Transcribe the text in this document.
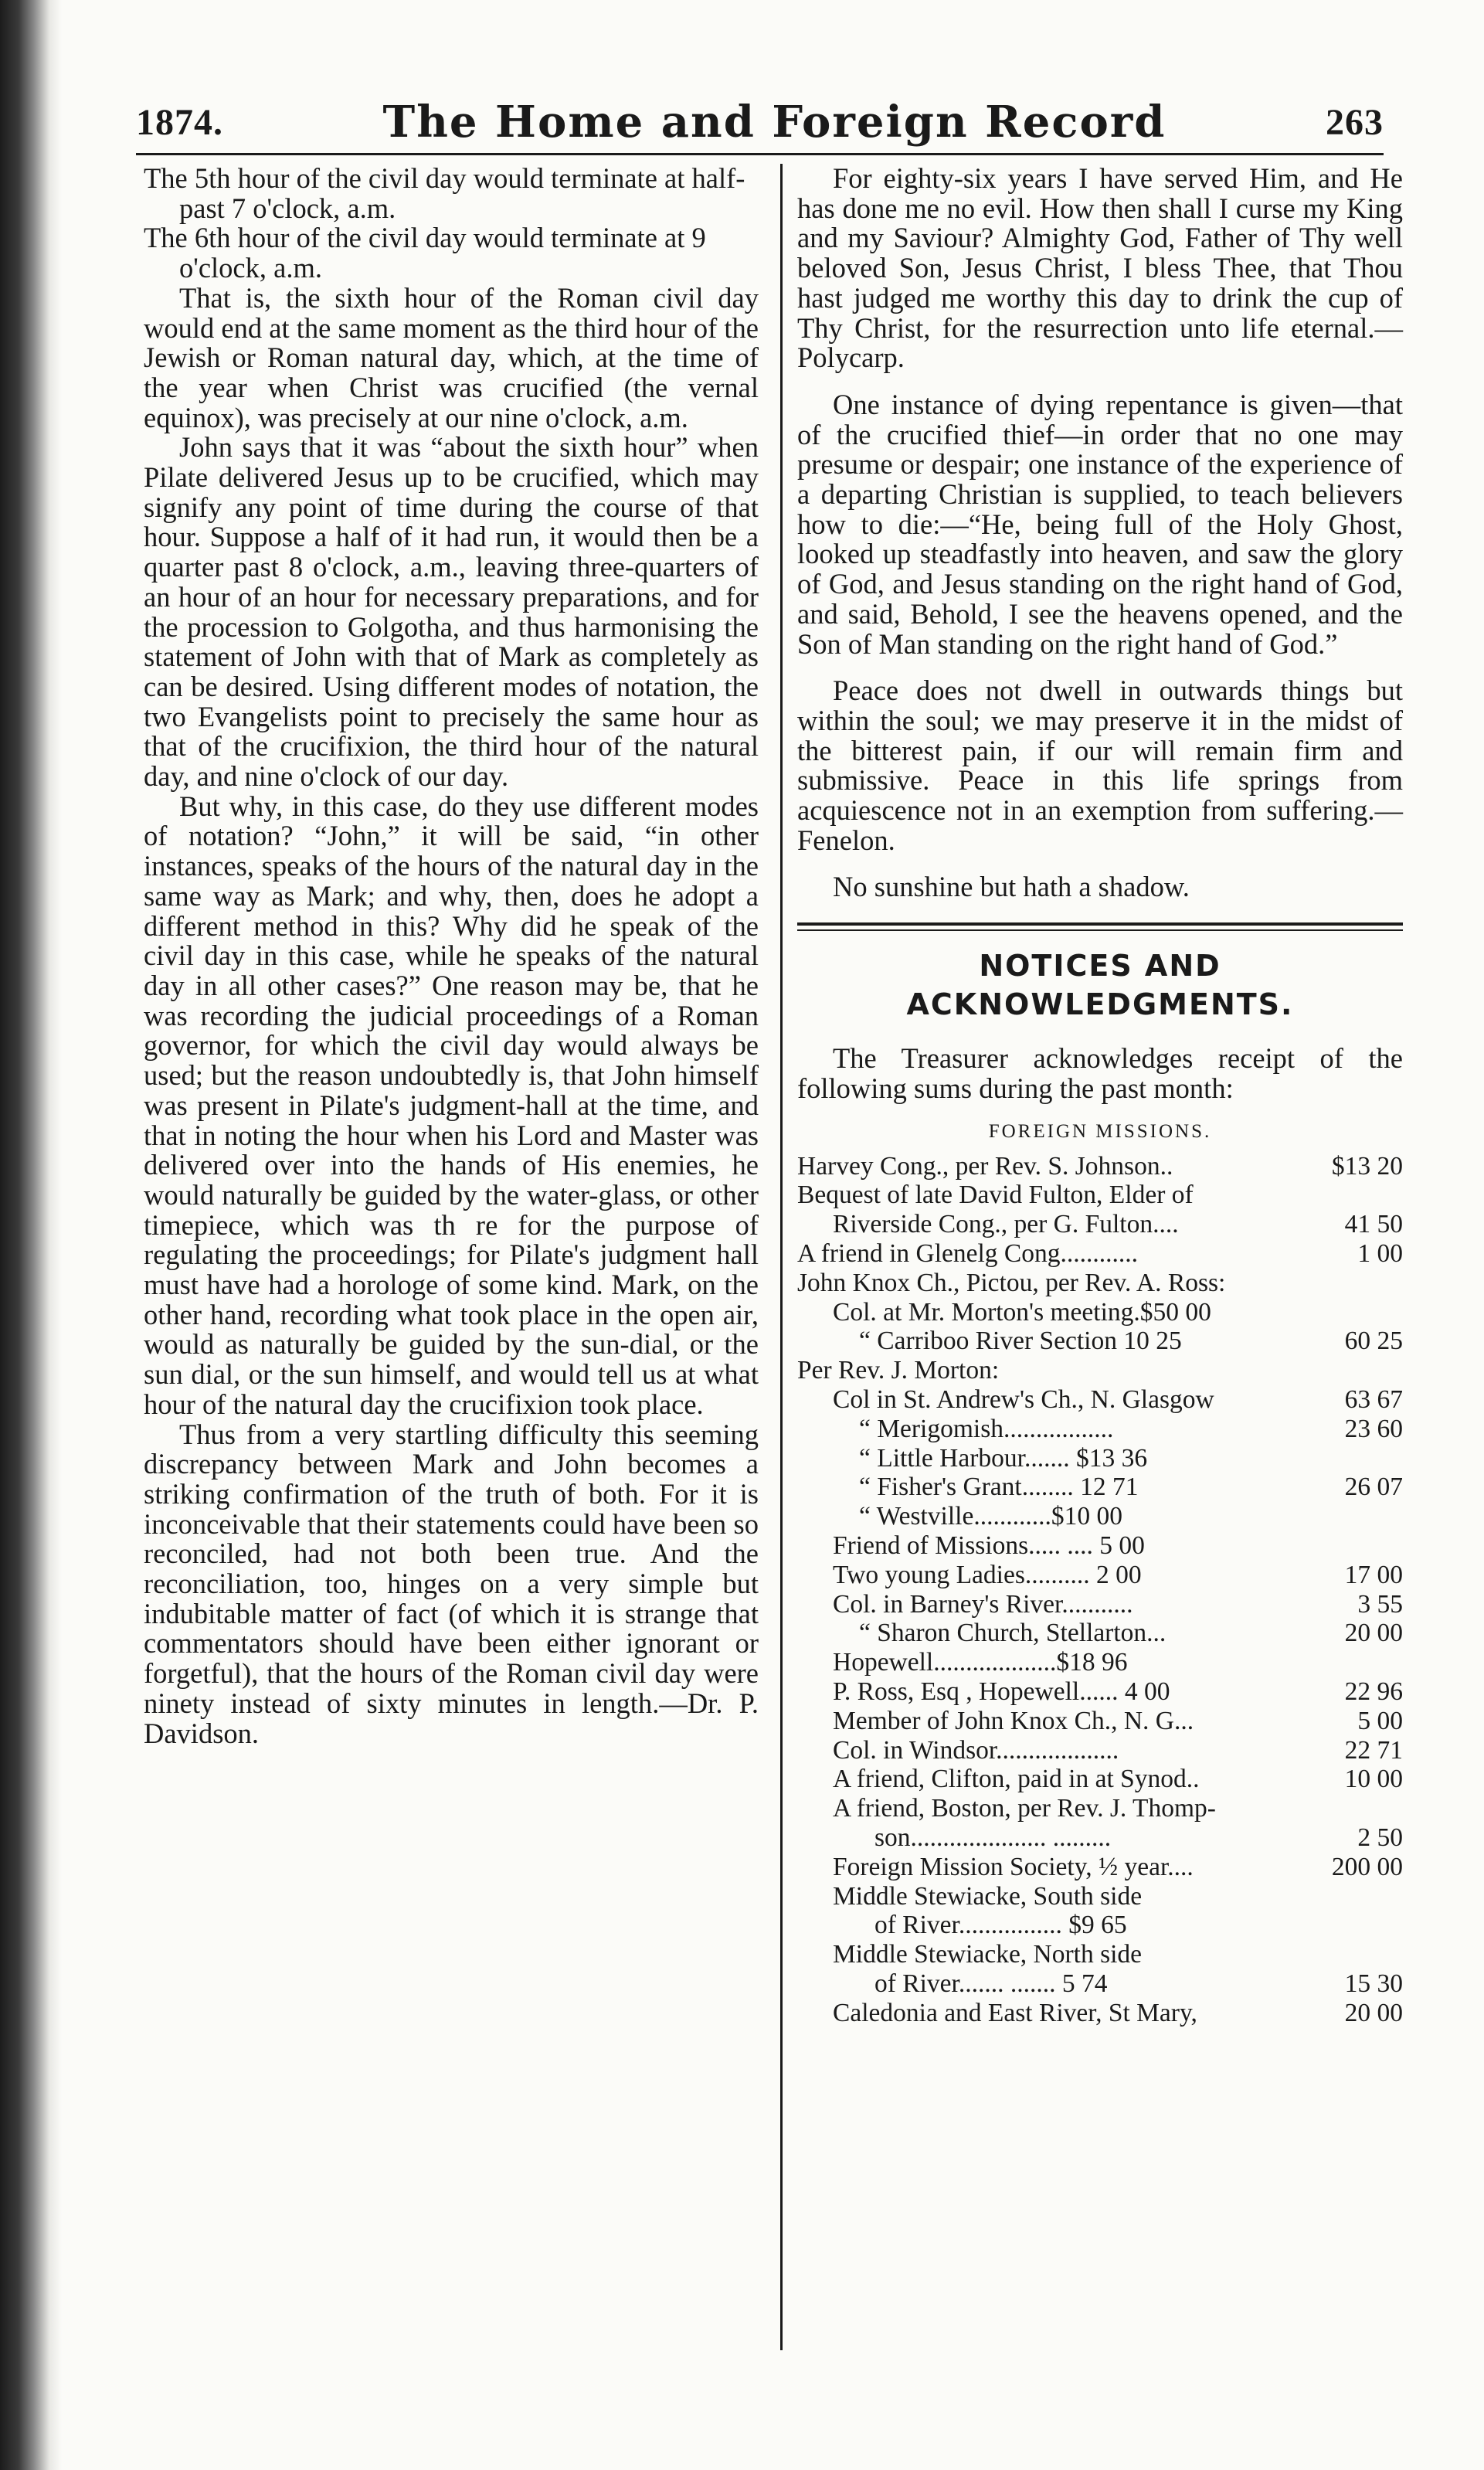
1874.	The Home and Foreign Record	263

The 5th hour of the civil day would terminate at half-past 7 o'clock, a.m.

The 6th hour of the civil day would terminate at 9 o'clock, a.m.

That is, the sixth hour of the Roman civil day would end at the same moment as the third hour of the Jewish or Roman natural day, which, at the time of the year when Christ was crucified (the vernal equinox), was precisely at our nine o'clock, a.m.

John says that it was “about the sixth hour” when Pilate delivered Jesus up to be crucified, which may signify any point of time during the course of that hour. Suppose a half of it had run, it would then be a quarter past 8 o'clock, a.m., leaving three-quarters of an hour of an hour for necessary preparations, and for the procession to Golgotha, and thus harmonising the statement of John with that of Mark as completely as can be desired. Using different modes of notation, the two Evangelists point to precisely the same hour as that of the crucifixion, the third hour of the natural day, and nine o'clock of our day.

But why, in this case, do they use different modes of notation? “John,” it will be said, “in other instances, speaks of the hours of the natural day in the same way as Mark; and why, then, does he adopt a different method in this? Why did he speak of the civil day in this case, while he speaks of the natural day in all other cases?” One reason may be, that he was recording the judicial proceedings of a Roman governor, for which the civil day would always be used; but the reason undoubtedly is, that John himself was present in Pilate's judgment-hall at the time, and that in noting the hour when his Lord and Master was delivered over into the hands of His enemies, he would naturally be guided by the water-glass, or other timepiece, which was th re for the purpose of regulating the proceedings; for Pilate's judgment hall must have had a horologe of some kind. Mark, on the other hand, recording what took place in the open air, would as naturally be guided by the sun-dial, or the sun dial, or the sun himself, and would tell us at what hour of the natural day the crucifixion took place.

Thus from a very startling difficulty this seeming discrepancy between Mark and John becomes a striking confirmation of the truth of both. For it is inconceivable that their statements could have been so reconciled, had not both been true. And the reconciliation, too, hinges on a very simple but indubitable matter of fact (of which it is strange that commentators should have been either ignorant or forgetful), that the hours of the Roman civil day were ninety instead of sixty minutes in length.—Dr. P. Davidson.

For eighty-six years I have served Him, and He has done me no evil. How then shall I curse my King and my Saviour? Almighty God, Father of Thy well beloved Son, Jesus Christ, I bless Thee, that Thou hast judged me worthy this day to drink the cup of Thy Christ, for the resurrection unto life eternal.—Polycarp.

One instance of dying repentance is given—that of the crucified thief—in order that no one may presume or despair; one instance of the experience of a departing Christian is supplied, to teach believers how to die:—“He, being full of the Holy Ghost, looked up steadfastly into heaven, and saw the glory of God, and Jesus standing on the right hand of God, and said, Behold, I see the heavens opened, and the Son of Man standing on the right hand of God.”

Peace does not dwell in outwards things but within the soul; we may preserve it in the midst of the bitterest pain, if our will remain firm and submissive. Peace in this life springs from acquiescence not in an exemption from suffering.—Fenelon.

No sunshine but hath a shadow.

NOTICES AND ACKNOWLEDGMENTS.

The Treasurer acknowledges receipt of the following sums during the past month:

FOREIGN MISSIONS.
Harvey Cong., per Rev. S. Johnson..	$13 20
Bequest of late David Fulton, Elder of
Riverside Cong., per G. Fulton....	41 50
A friend in Glenelg Cong............	1 00
John Knox Ch., Pictou, per Rev. A. Ross:
Col. at Mr. Morton's meeting.$50 00
“ Carriboo River Section 10 25	60 25
Per Rev. J. Morton:
Col in St. Andrew's Ch., N. Glasgow	63 67
“ Merigomish.................	23 60
“ Little Harbour....... $13 36
“ Fisher's Grant........ 12 71	26 07
“ Westville............$10 00
Friend of Missions..... .... 5 00
Two young Ladies.......... 2 00	17 00
Col. in Barney's River...........	3 55
“ Sharon Church, Stellarton...	20 00
Hopewell...................$18 96
P. Ross, Esq , Hopewell...... 4 00	22 96
Member of John Knox Ch., N. G...	5 00
Col. in Windsor...................	22 71
A friend, Clifton, paid in at Synod..	10 00
A friend, Boston, per Rev. J. Thomp-
son..................... .........	2 50
Foreign Mission Society, ½ year....	200 00
Middle Stewiacke, South side
of River................ $9 65
Middle Stewiacke, North side
of River....... ....... 5 74	15 30
Caledonia and East River, St Mary,	20 00
